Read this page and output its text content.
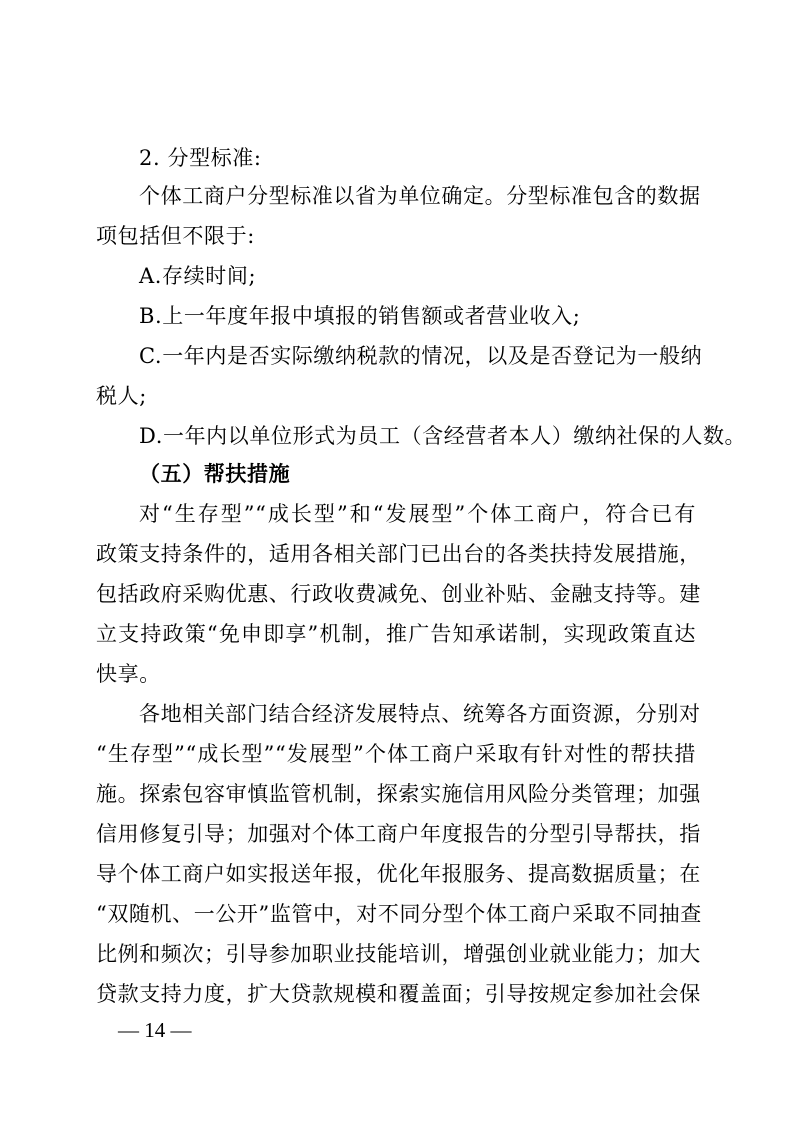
2. 分型标准:
个体工商户分型标准以省为单位确定。分型标准包含的数据
项包括但不限于:
A.存续时间;
B.上一年度年报中填报的销售额或者营业收入;
C.一年内是否实际缴纳税款的情况，以及是否登记为一般纳
税人;
D.一年内以单位形式为员工（含经营者本人）缴纳社保的人数。
（五）帮扶措施
对“生存型”“成长型”和“发展型”个体工商户，符合已有
政策支持条件的，适用各相关部门已出台的各类扶持发展措施，
包括政府采购优惠、行政收费减免、创业补贴、金融支持等。建
立支持政策“免申即享”机制，推广告知承诺制，实现政策直达
快享。
各地相关部门结合经济发展特点、统筹各方面资源，分别对
“生存型”“成长型”“发展型”个体工商户采取有针对性的帮扶措
施。探索包容审慎监管机制，探索实施信用风险分类管理；加强
信用修复引导；加强对个体工商户年度报告的分型引导帮扶，指
导个体工商户如实报送年报，优化年报服务、提高数据质量；在
“双随机、一公开”监管中，对不同分型个体工商户采取不同抽查
比例和频次；引导参加职业技能培训，增强创业就业能力；加大
贷款支持力度，扩大贷款规模和覆盖面；引导按规定参加社会保
— 14 —
